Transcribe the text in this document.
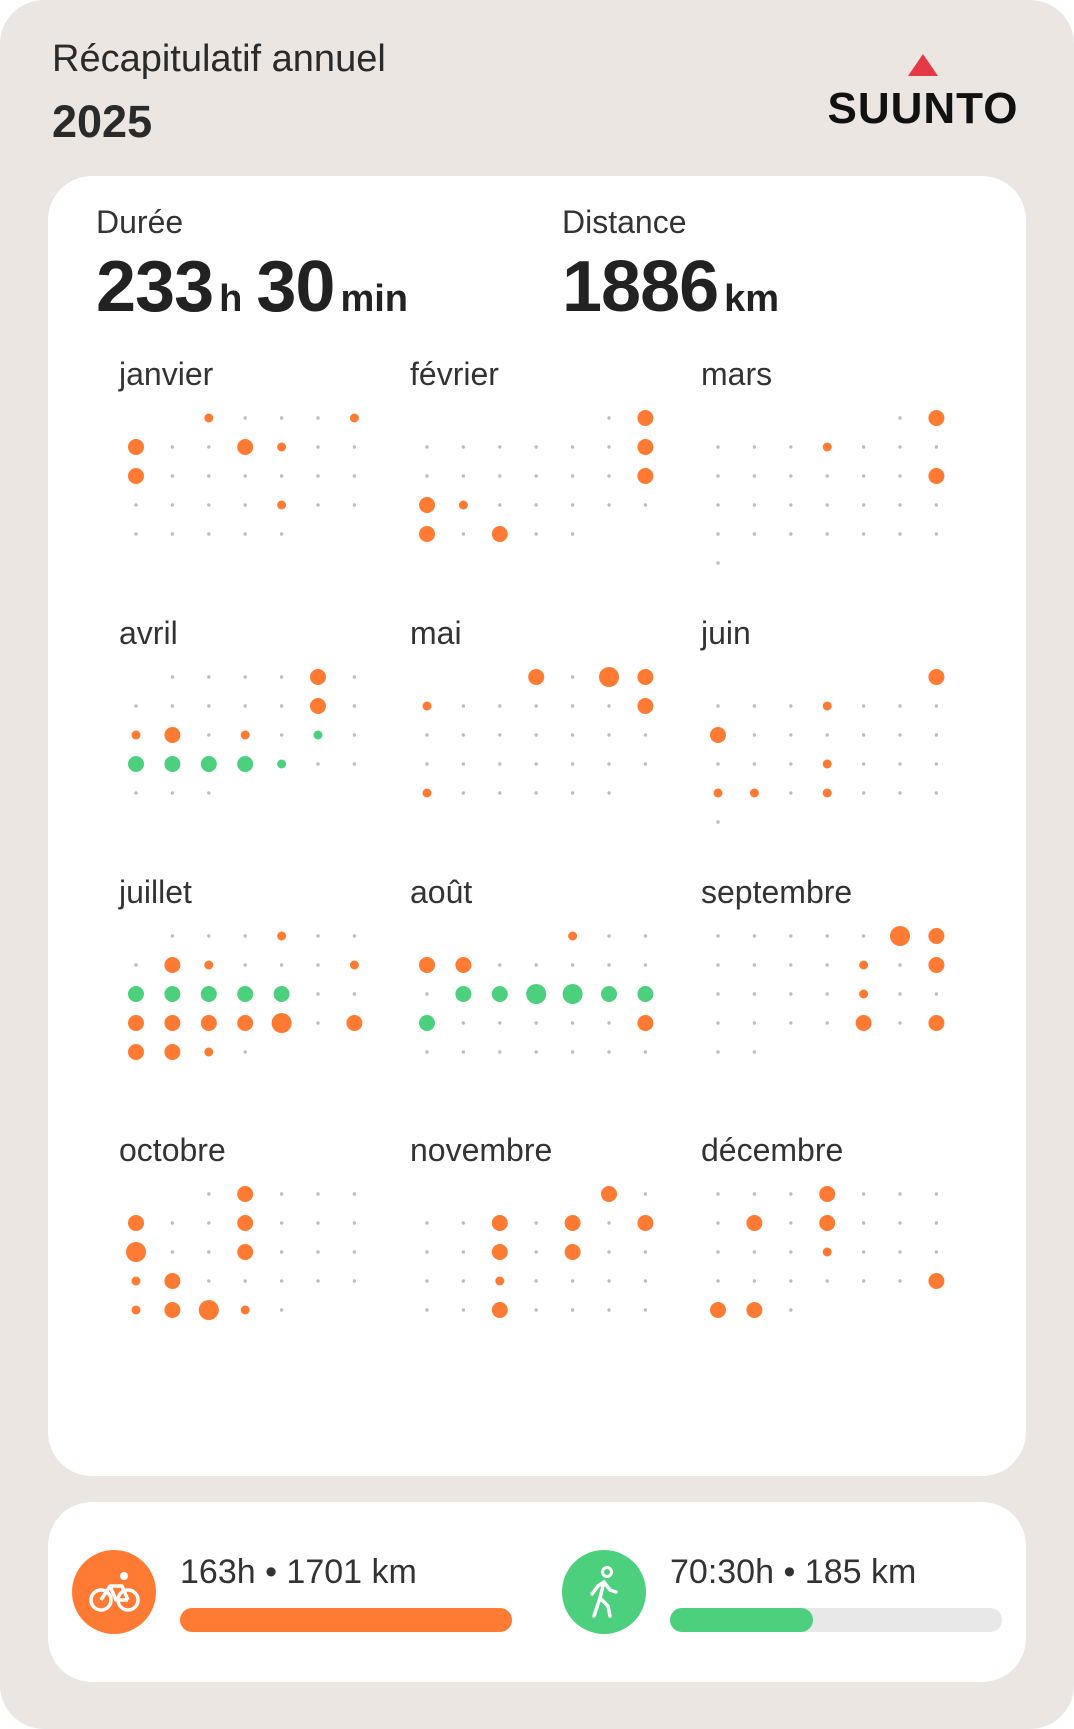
Récapitulatif annuel
2025	SUUNTO
Durée
233 h 30 min
Distance
1886 km
janvier	février	mars
avril	mai	juin
juillet	août	septembre
octobre	novembre	décembre
163h • 1701 km	70:30h • 185 km
